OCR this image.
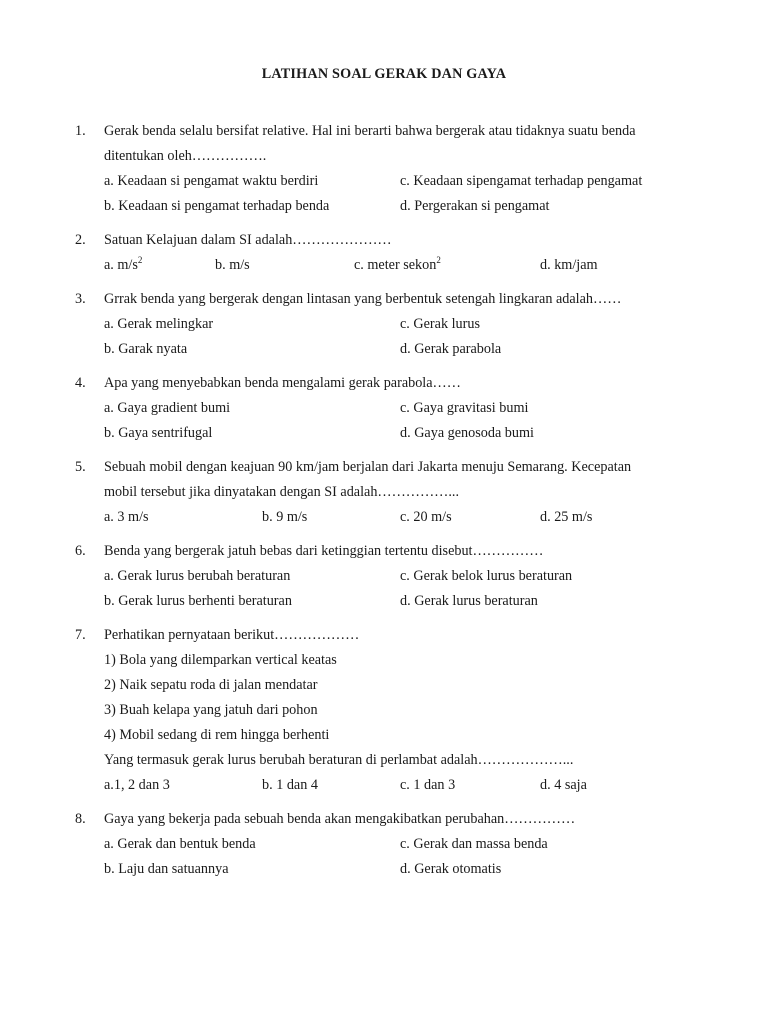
LATIHAN SOAL GERAK DAN GAYA
1. Gerak benda selalu bersifat relative. Hal ini berarti bahwa bergerak atau tidaknya suatu benda
ditentukan oleh…………….
a. Keadaan si pengamat waktu berdiri	c. Keadaan sipengamat terhadap pengamat
b. Keadaan si pengamat terhadap benda	d. Pergerakan si pengamat
2. Satuan Kelajuan dalam SI adalah…………………
a. $m/s^2$	b. m/s	c. meter sekon$^2$	d. km/jam
3. Grrak benda yang bergerak dengan lintasan yang berbentuk setengah lingkaran adalah……
a. Gerak melingkar	c. Gerak lurus
b. Garak nyata	d. Gerak parabola
4. Apa yang menyebabkan benda mengalami gerak parabola……
a. Gaya gradient bumi	c. Gaya gravitasi bumi
b. Gaya sentrifugal	d. Gaya genosoda bumi
5. Sebuah mobil dengan keajuan 90 km/jam berjalan dari Jakarta menuju Semarang. Kecepatan
mobil tersebut jika dinyatakan dengan SI adalah……………...
a. 3 m/s	b. 9 m/s	c. 20 m/s	d. 25 m/s
6. Benda yang bergerak jatuh bebas dari ketinggian tertentu disebut……………
a. Gerak lurus berubah beraturan	c. Gerak belok lurus beraturan
b. Gerak lurus berhenti beraturan	d. Gerak lurus beraturan
7. Perhatikan pernyataan berikut………………
1) Bola yang dilemparkan vertical keatas
2) Naik sepatu roda di jalan mendatar
3) Buah kelapa yang jatuh dari pohon
4) Mobil sedang di rem hingga berhenti
Yang termasuk gerak lurus berubah beraturan di perlambat adalah………………...
a.1, 2 dan 3	b. 1 dan 4	c. 1 dan 3	d. 4 saja
8. Gaya yang bekerja pada sebuah benda akan mengakibatkan perubahan……………
a. Gerak dan bentuk benda	c. Gerak dan massa benda
b. Laju dan satuannya	d. Gerak otomatis
